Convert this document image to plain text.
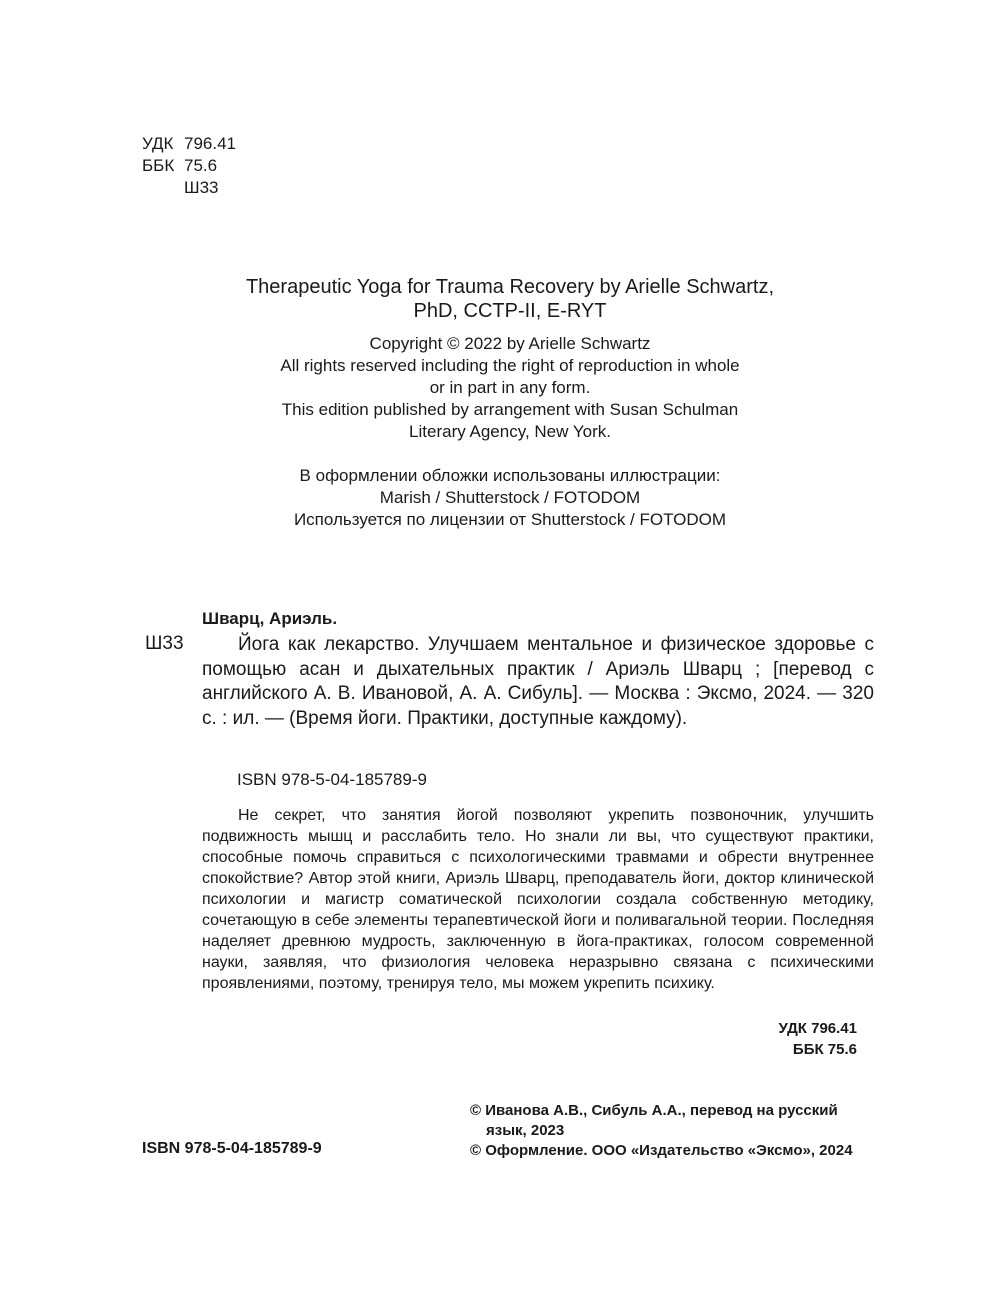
УДК 796.41
ББК 75.6
Ш33
Therapeutic Yoga for Trauma Recovery by Arielle Schwartz,
PhD, CCTP-II, E-RYT
Copyright © 2022 by Arielle Schwartz
All rights reserved including the right of reproduction in whole
or in part in any form.
This edition published by arrangement with Susan Schulman
Literary Agency, New York.
В оформлении обложки использованы иллюстрации:
Marish / Shutterstock / FOTODOM
Используется по лицензии от Shutterstock / FOTODOM
Шварц, Ариэль.
Ш33	Йога как лекарство. Улучшаем ментальное и физическое здоровье с помощью асан и дыхательных практик / Ариэль Шварц ; [перевод с английского А. В. Ивановой, А. А. Сибуль]. — Москва : Эксмо, 2024. — 320 с. : ил. — (Время йоги. Практики, доступные каждому).
ISBN 978-5-04-185789-9
Не секрет, что занятия йогой позволяют укрепить позвоночник, улучшить подвижность мышц и расслабить тело. Но знали ли вы, что существуют практики, способные помочь справиться с психологическими травмами и обрести внутреннее спокойствие? Автор этой книги, Ариэль Шварц, преподаватель йоги, доктор клинической психологии и магистр соматической психологии создала собственную методику, сочетающую в себе элементы терапевтической йоги и поливагальной теории. Последняя наделяет древнюю мудрость, заключенную в йога-практиках, голосом современной науки, заявляя, что физиология человека неразрывно связана с психическими проявлениями, поэтому, тренируя тело, мы можем укрепить психику.
УДК 796.41
ББК 75.6
© Иванова А.В., Сибуль А.А., перевод на русский
язык, 2023
© Оформление. ООО «Издательство «Эксмо», 2024
ISBN 978-5-04-185789-9
